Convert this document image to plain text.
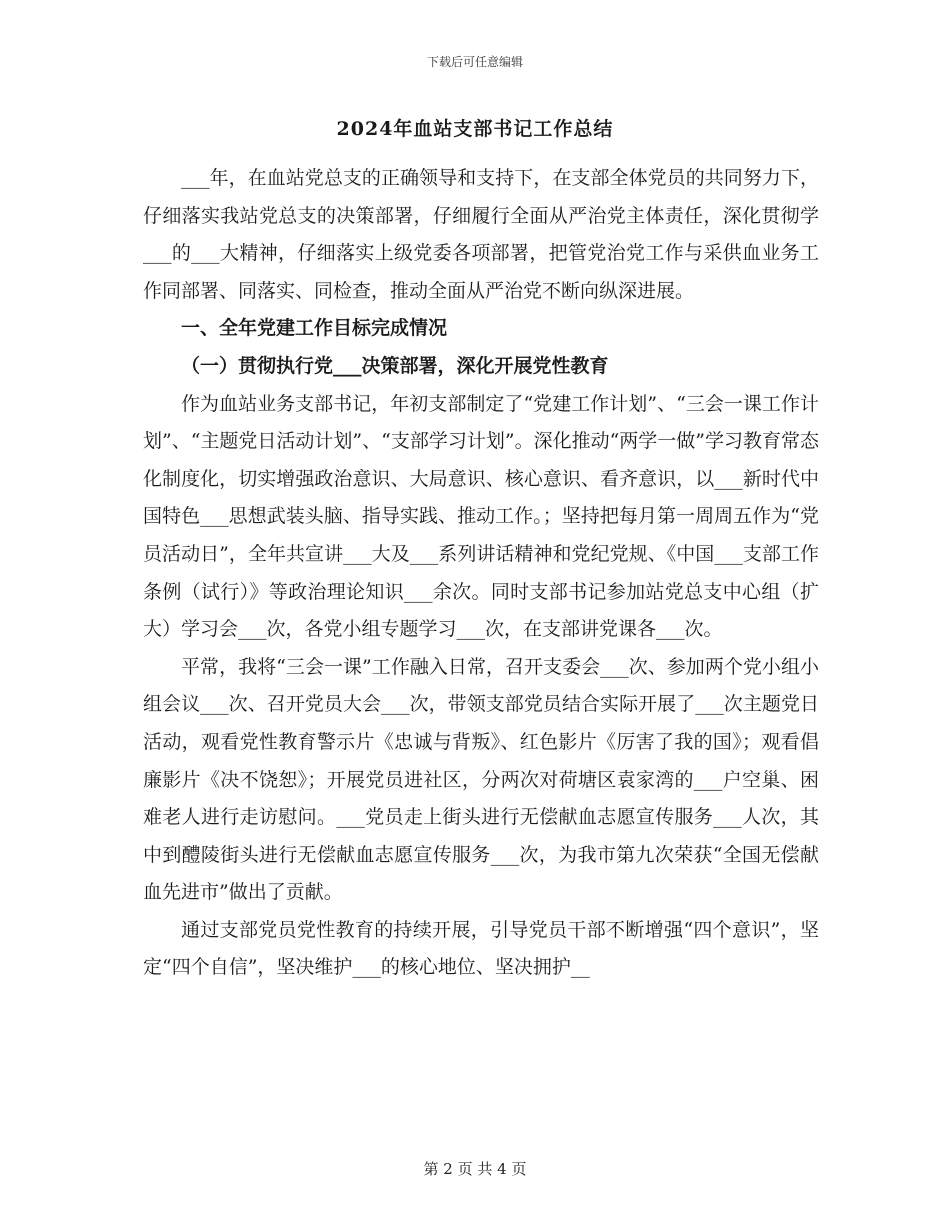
下载后可任意编辑
2024年血站支部书记工作总结

___年，在血站党总支的正确领导和支持下，在支部全体党员的共同努力下，仔细落实我站党总支的决策部署，仔细履行全面从严治党主体责任，深化贯彻学___的___大精神，仔细落实上级党委各项部署，把管党治党工作与采供血业务工作同部署、同落实、同检查，推动全面从严治党不断向纵深进展。

一、全年党建工作目标完成情况

（一）贯彻执行党___决策部署，深化开展党性教育

作为血站业务支部书记，年初支部制定了“党建工作计划”、“三会一课工作计划”、“主题党日活动计划”、“支部学习计划”。深化推动“两学一做”学习教育常态化制度化，切实增强政治意识、大局意识、核心意识、看齐意识，以___新时代中国特色___思想武装头脑、指导实践、推动工作。；坚持把每月第一周周五作为“党员活动日”，全年共宣讲___大及___系列讲话精神和党纪党规、《中国___支部工作条例（试行）》等政治理论知识___余次。同时支部书记参加站党总支中心组（扩大）学习会___次，各党小组专题学习___次，在支部讲党课各___次。

平常，我将“三会一课”工作融入日常，召开支委会___次、参加两个党小组小组会议___次、召开党员大会___次，带领支部党员结合实际开展了___次主题党日活动，观看党性教育警示片《忠诚与背叛》、红色影片《厉害了我的国》；观看倡廉影片《决不饶恕》；开展党员进社区，分两次对荷塘区袁家湾的___户空巢、困难老人进行走访慰问。___党员走上街头进行无偿献血志愿宣传服务___人次，其中到醴陵街头进行无偿献血志愿宣传服务___次，为我市第九次荣获“全国无偿献血先进市”做出了贡献。

通过支部党员党性教育的持续开展，引导党员干部不断增强“四个意识”，坚定“四个自信”，坚决维护___的核心地位、坚决拥护__

第 2 页 共 4 页
